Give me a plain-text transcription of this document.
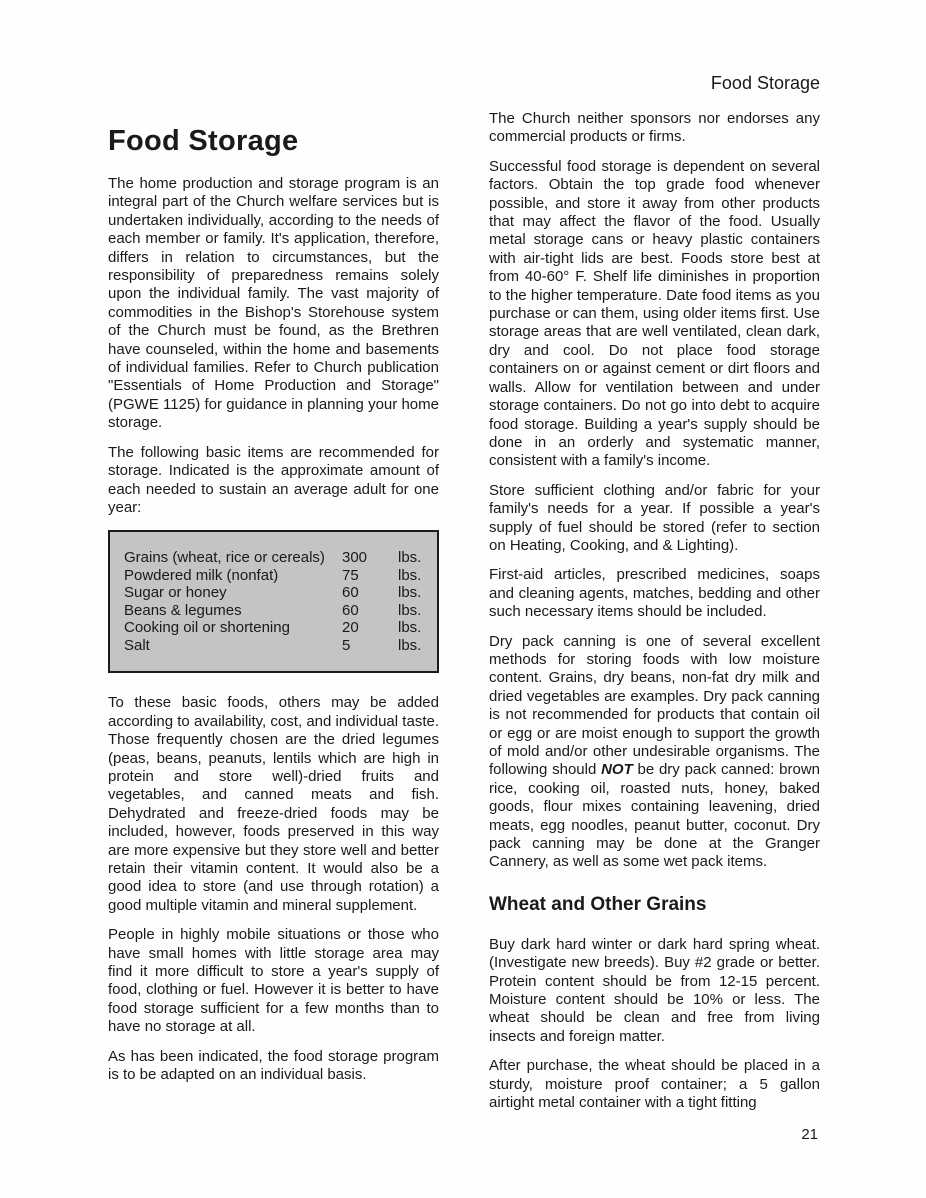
Food Storage

The home production and storage program is an integral part of the Church welfare services but is undertaken individually, according to the needs of each member or family. It's application, therefore, differs in relation to circumstances, but the responsibility of preparedness remains solely upon the individual family. The vast majority of commodities in the Bishop's Storehouse system of the Church must be found, as the Brethren have counseled, within the home and basements of individual families. Refer to Church publication "Essentials of Home Production and Storage" (PGWE 1125) for guidance in planning your home storage.

The following basic items are recommended for storage. Indicated is the approximate amount of each needed to sustain an average adult for one year:

Grains (wheat, rice or cereals)	300	lbs.
Powdered milk (nonfat)	75	lbs.
Sugar or honey	60	lbs.
Beans & legumes	60	lbs.
Cooking oil or shortening	20	lbs.
Salt	5	lbs.

To these basic foods, others may be added according to availability, cost, and individual taste. Those frequently chosen are the dried legumes (peas, beans, peanuts, lentils which are high in protein and store well)-dried fruits and vegetables, and canned meats and fish. Dehydrated and freeze-dried foods may be included, however, foods preserved in this way are more expensive but they store well and better retain their vitamin content. It would also be a good idea to store (and use through rotation) a good multiple vitamin and mineral supplement.

People in highly mobile situations or those who have small homes with little storage area may find it more difficult to store a year's supply of food, clothing or fuel. However it is better to have food storage sufficient for a few months than to have no storage at all.

As has been indicated, the food storage program is to be adapted on an individual basis.

Food Storage

The Church neither sponsors nor endorses any commercial products or firms.

Successful food storage is dependent on several factors. Obtain the top grade food whenever possible, and store it away from other products that may affect the flavor of the food. Usually metal storage cans or heavy plastic containers with air-tight lids are best. Foods store best at from 40-60° F. Shelf life diminishes in proportion to the higher temperature. Date food items as you purchase or can them, using older items first. Use storage areas that are well ventilated, clean dark, dry and cool. Do not place food storage containers on or against cement or dirt floors and walls. Allow for ventilation between and under storage containers. Do not go into debt to acquire food storage. Building a year's supply should be done in an orderly and systematic manner, consistent with a family's income.

Store sufficient clothing and/or fabric for your family's needs for a year. If possible a year's supply of fuel should be stored (refer to section on Heating, Cooking, and & Lighting).

First-aid articles, prescribed medicines, soaps and cleaning agents, matches, bedding and other such necessary items should be included.

Dry pack canning is one of several excellent methods for storing foods with low moisture content. Grains, dry beans, non-fat dry milk and dried vegetables are examples. Dry pack canning is not recommended for products that contain oil or egg or are moist enough to support the growth of mold and/or other undesirable organisms. The following should NOT be dry pack canned: brown rice, cooking oil, roasted nuts, honey, baked goods, flour mixes containing leavening, dried meats, egg noodles, peanut butter, coconut. Dry pack canning may be done at the Granger Cannery, as well as some wet pack items.

Wheat and Other Grains

Buy dark hard winter or dark hard spring wheat. (Investigate new breeds). Buy #2 grade or better. Protein content should be from 12-15 percent. Moisture content should be 10% or less. The wheat should be clean and free from living insects and foreign matter.

After purchase, the wheat should be placed in a sturdy, moisture proof container; a 5 gallon airtight metal container with a tight fitting

21
